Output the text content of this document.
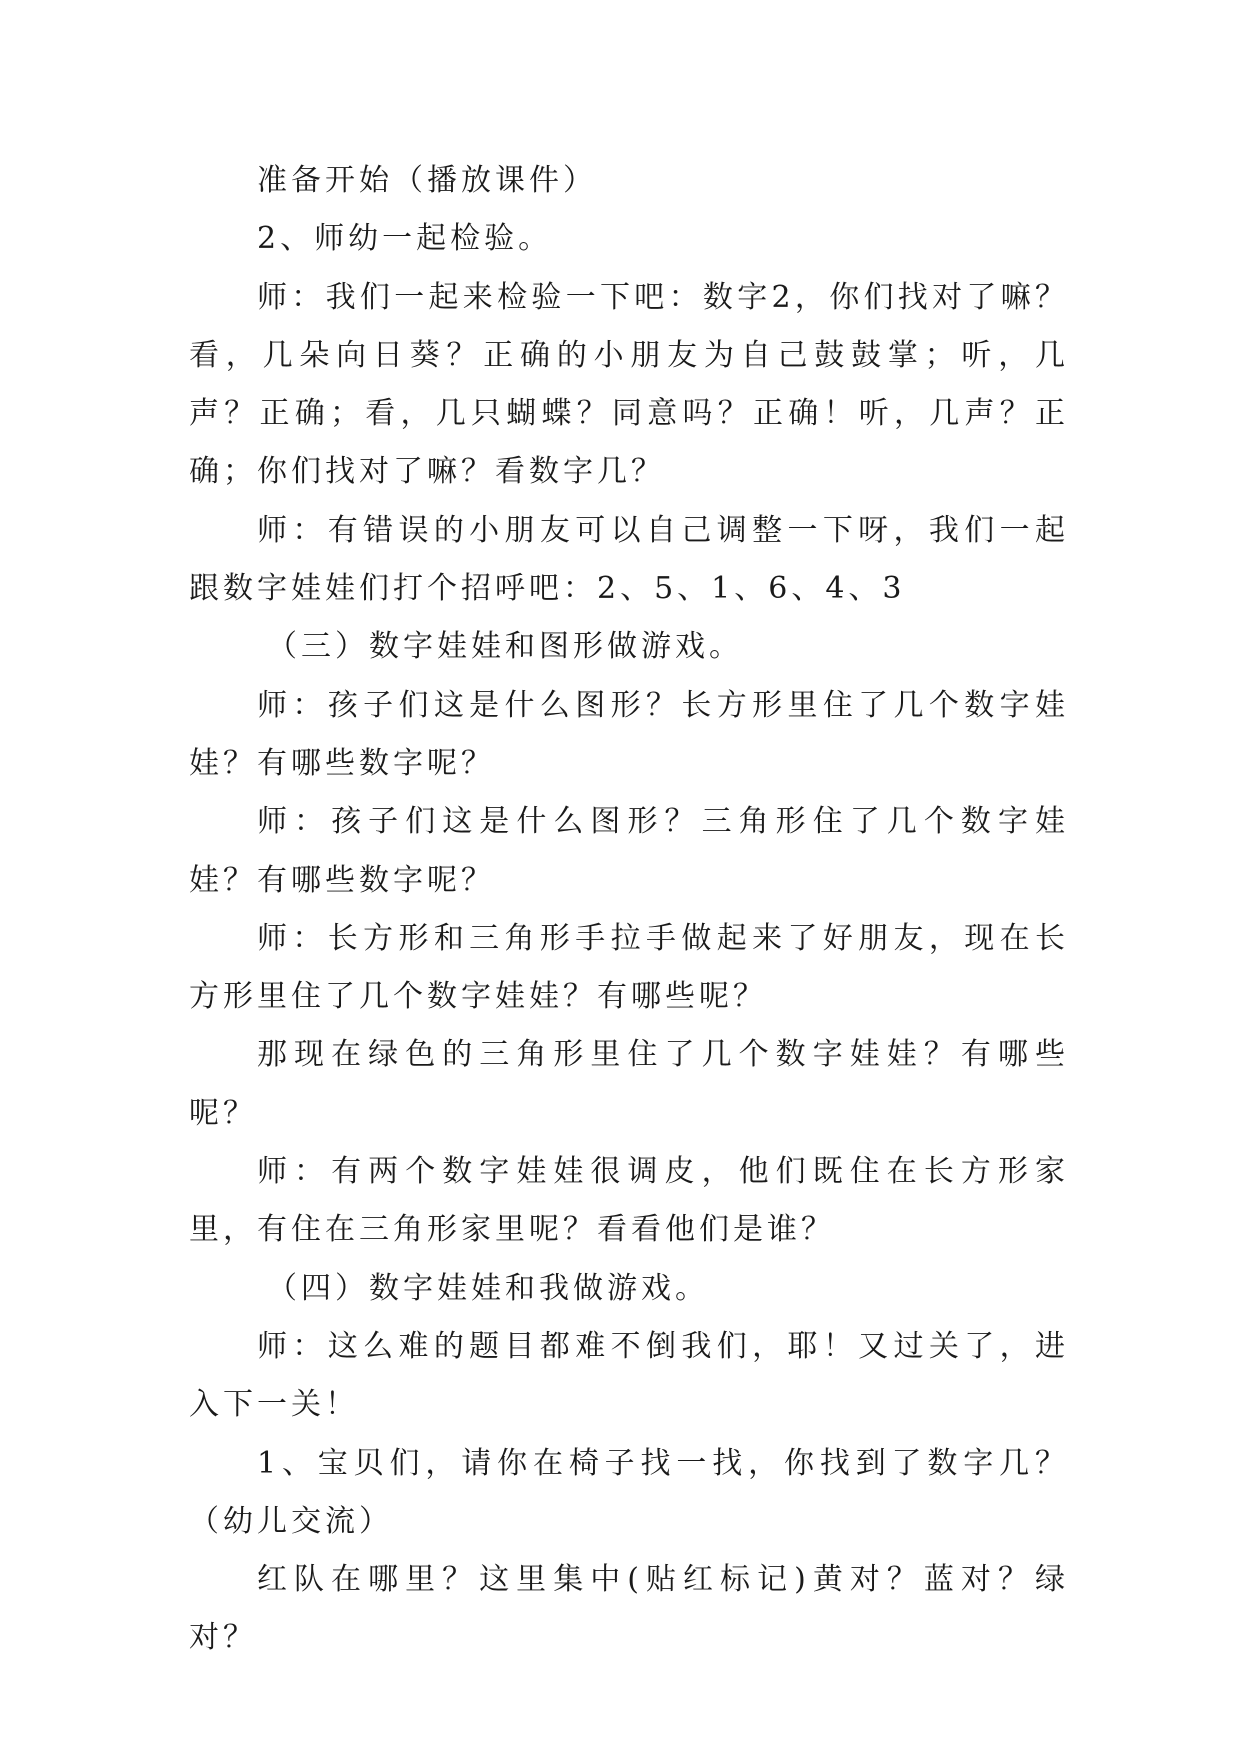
准备开始（播放课件）

2、师幼一起检验。

师：我们一起来检验一下吧：数字2，你们找对了嘛？看，几朵向日葵？正确的小朋友为自己鼓鼓掌；听，几声？正确；看，几只蝴蝶？同意吗？正确！听，几声？正确；你们找对了嘛？看数字几？

师：有错误的小朋友可以自己调整一下呀，我们一起跟数字娃娃们打个招呼吧：2、5、1、6、4、3

（三）数字娃娃和图形做游戏。

师：孩子们这是什么图形？长方形里住了几个数字娃娃？有哪些数字呢？

师：孩子们这是什么图形？三角形住了几个数字娃娃？有哪些数字呢？

师：长方形和三角形手拉手做起来了好朋友，现在长方形里住了几个数字娃娃？有哪些呢？

那现在绿色的三角形里住了几个数字娃娃？有哪些呢？

师：有两个数字娃娃很调皮，他们既住在长方形家里，有住在三角形家里呢？看看他们是谁？

（四）数字娃娃和我做游戏。

师：这么难的题目都难不倒我们，耶！又过关了，进入下一关！

1、宝贝们，请你在椅子找一找，你找到了数字几？（幼儿交流）

红队在哪里？这里集中(贴红标记)黄对？蓝对？绿对？
